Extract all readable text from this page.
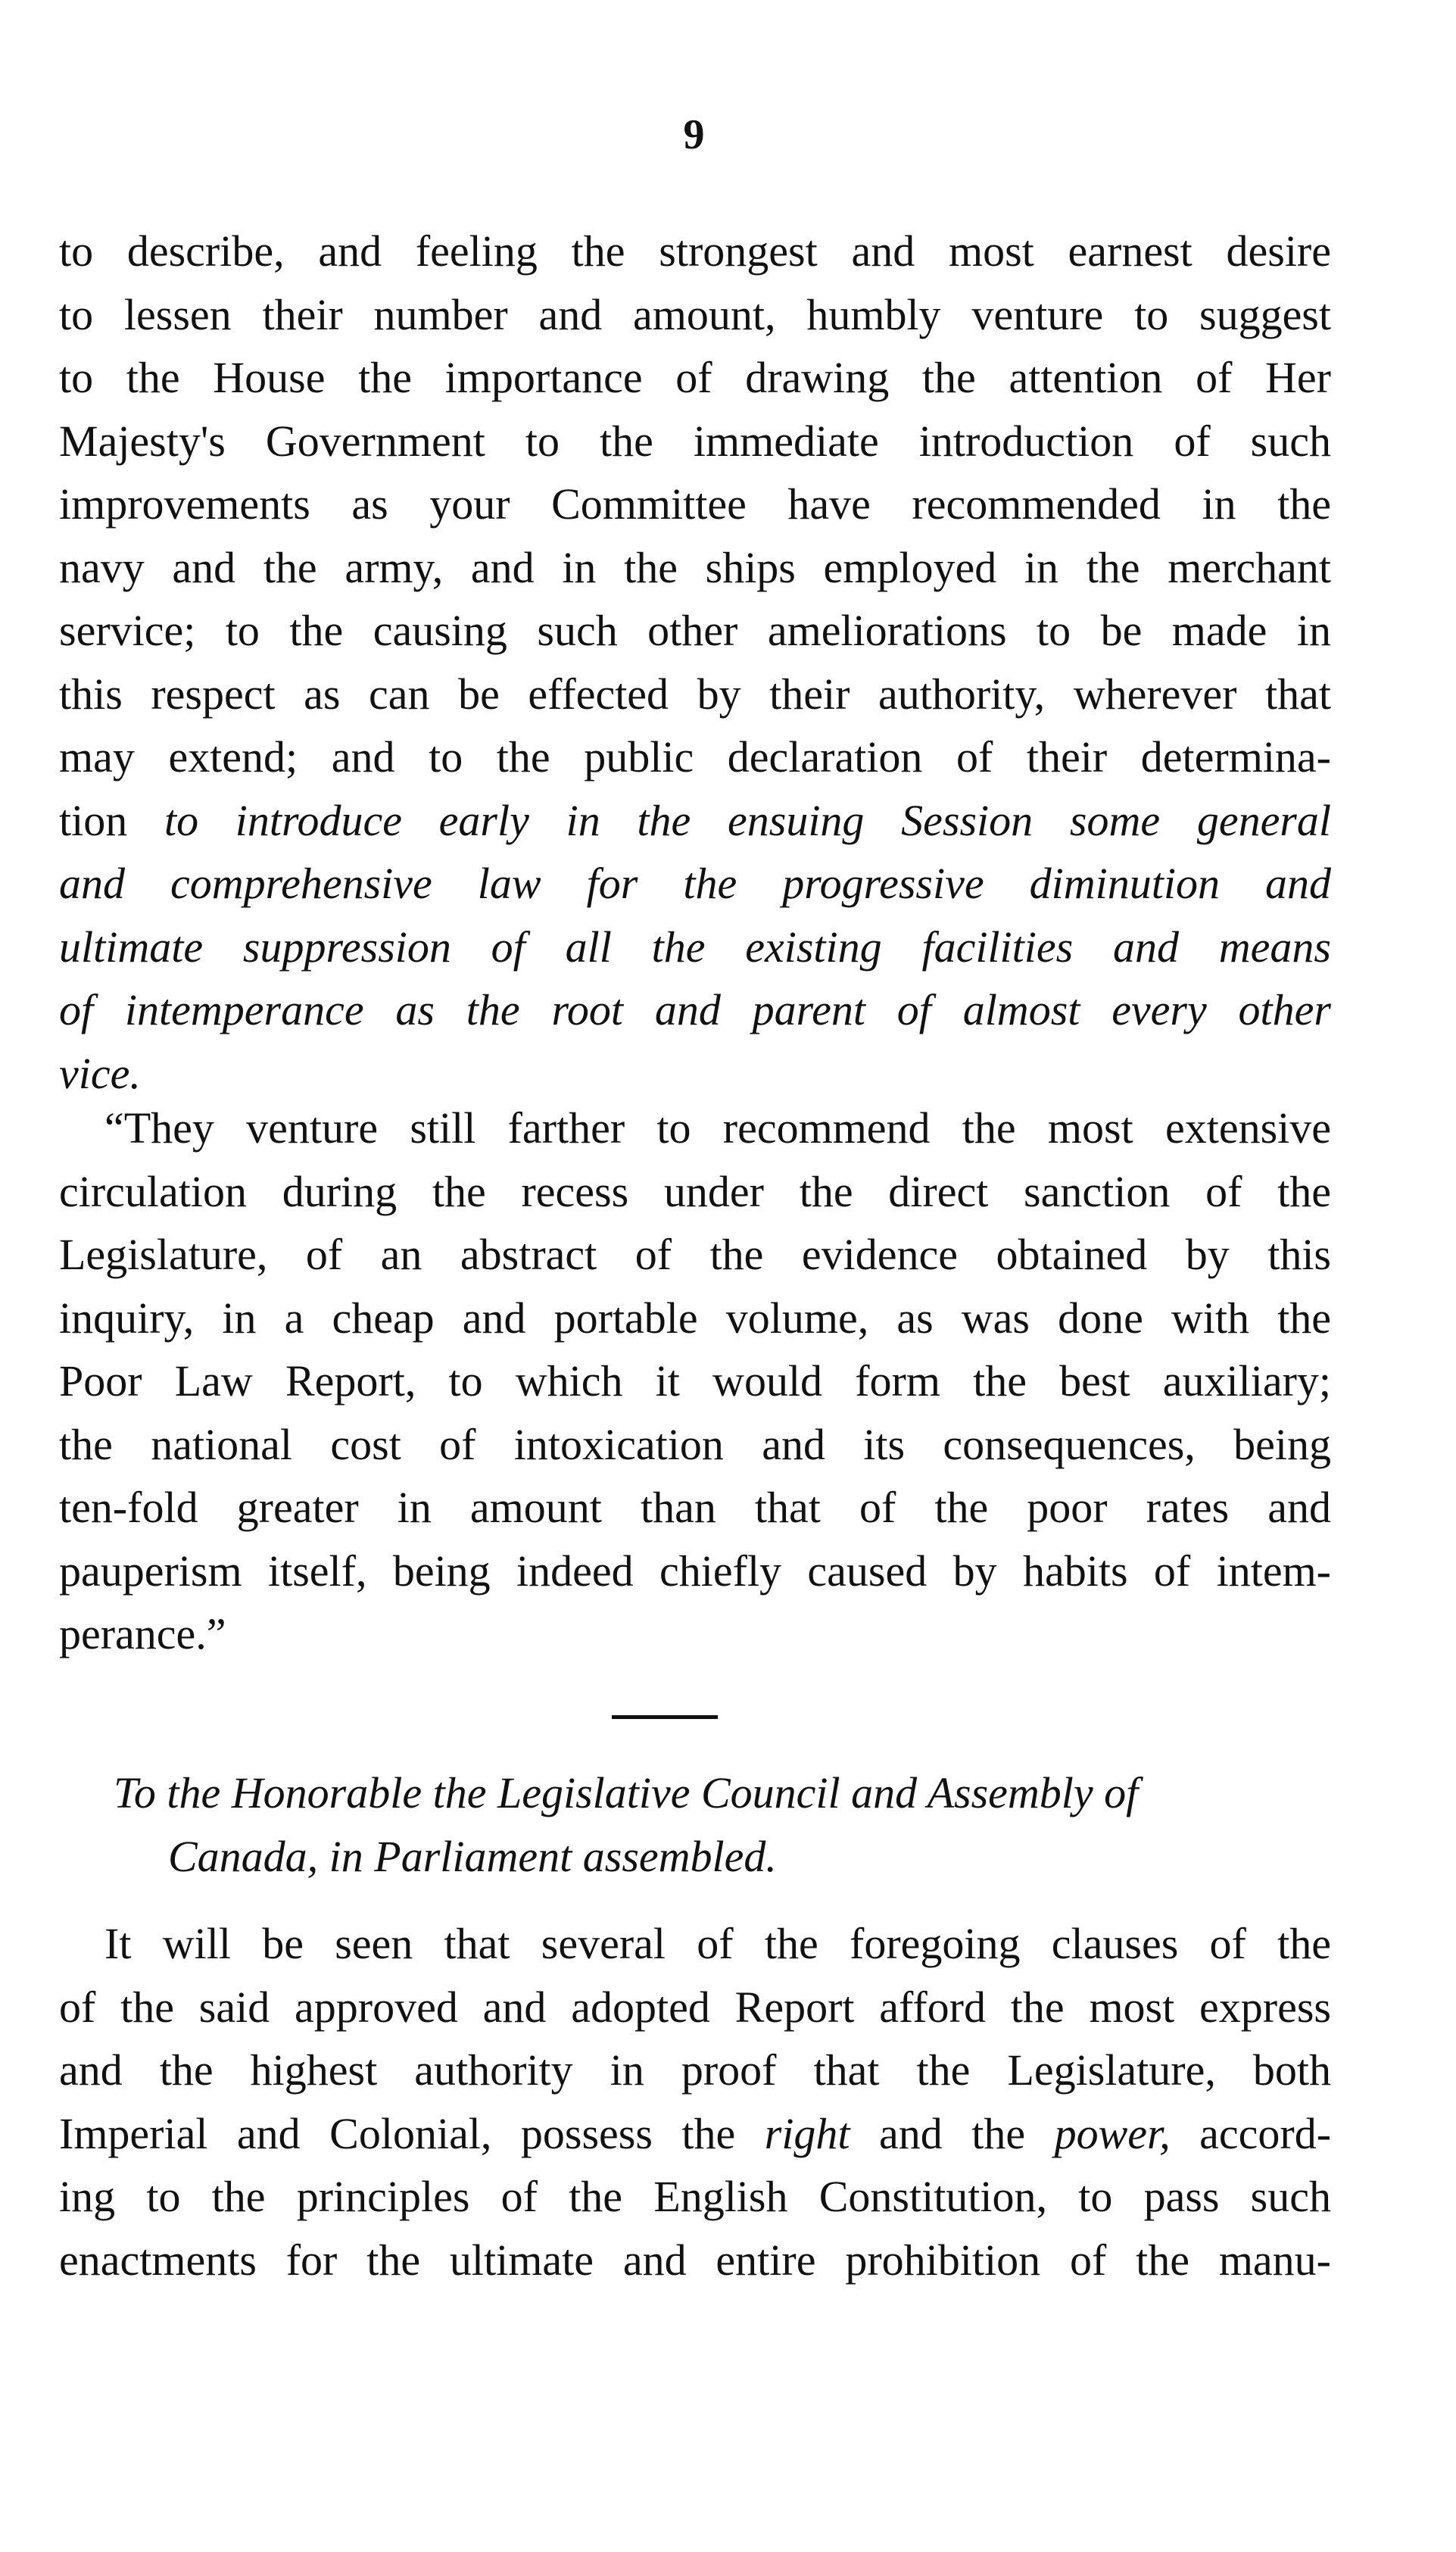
9
to describe, and feeling the strongest and most earnest desire
to lessen their number and amount, humbly venture to suggest
to the House the importance of drawing the attention of Her
Majesty's Government to the immediate introduction of such
improvements as your Committee have recommended in the
navy and the army, and in the ships employed in the merchant
service; to the causing such other ameliorations to be made in
this respect as can be effected by their authority, wherever that
may extend; and to the public declaration of their determina-
tion to introduce early in the ensuing Session some general
and comprehensive law for the progressive diminution and
ultimate suppression of all the existing facilities and means
of intemperance as the root and parent of almost every other
vice.
“They venture still farther to recommend the most extensive
circulation during the recess under the direct sanction of the
Legislature, of an abstract of the evidence obtained by this
inquiry, in a cheap and portable volume, as was done with the
Poor Law Report, to which it would form the best auxiliary;
the national cost of intoxication and its consequences, being
ten-fold greater in amount than that of the poor rates and
pauperism itself, being indeed chiefly caused by habits of intem-
perance.”
To the Honorable the Legislative Council and Assembly of
Canada, in Parliament assembled.
It will be seen that several of the foregoing clauses of the
of the said approved and adopted Report afford the most express
and the highest authority in proof that the Legislature, both
Imperial and Colonial, possess the right and the power, accord-
ing to the principles of the English Constitution, to pass such
enactments for the ultimate and entire prohibition of the manu-
